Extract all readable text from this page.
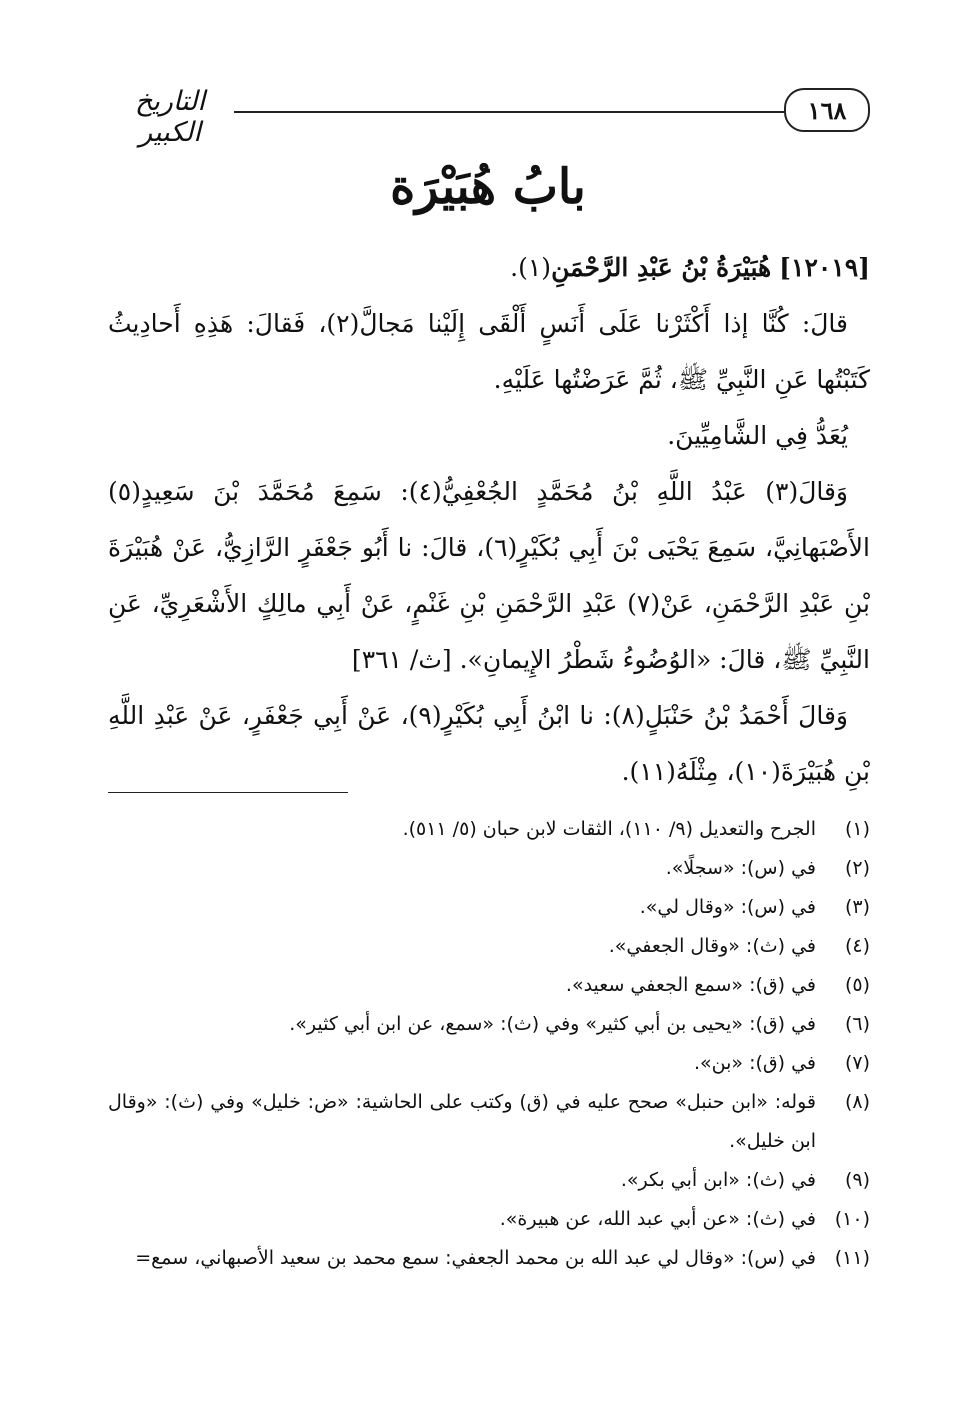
١٦٨
التاريخ الكبير
بابُ هُبَيْرَة

[١٢٠١٩] هُبَيْرَةُ بْنُ عَبْدِ الرَّحْمَنِ(١).

قالَ: كُنَّا إذا أَكْثَرْنا عَلَى أَنَسٍ أَلْقَى إِلَيْنا مَجالَّ(٢)، فَقالَ: هَذِهِ أَحادِيثُ كَتَبْتُها عَنِ النَّبِيِّ ﷺ، ثُمَّ عَرَضْتُها عَلَيْهِ.

يُعَدُّ فِي الشَّامِيِّينَ.

وَقالَ(٣) عَبْدُ اللَّهِ بْنُ مُحَمَّدٍ الجُعْفِيُّ(٤): سَمِعَ مُحَمَّدَ بْنَ سَعِيدٍ(٥) الأَصْبَهانِيَّ، سَمِعَ يَحْيَى بْنَ أَبِي بُكَيْرٍ(٦)، قالَ: نا أَبُو جَعْفَرٍ الرَّازِيُّ، عَنْ هُبَيْرَةَ بْنِ عَبْدِ الرَّحْمَنِ، عَنْ(٧) عَبْدِ الرَّحْمَنِ بْنِ غَنْمٍ، عَنْ أَبِي مالِكٍ الأَشْعَرِيِّ، عَنِ النَّبِيِّ ﷺ، قالَ: «الوُضُوءُ شَطْرُ الإِيمانِ». [ث/ ٣٦١]

وَقالَ أَحْمَدُ بْنُ حَنْبَلٍ(٨): نا ابْنُ أَبِي بُكَيْرٍ(٩)، عَنْ أَبِي جَعْفَرٍ، عَنْ عَبْدِ اللَّهِ بْنِ هُبَيْرَةَ(١٠)، مِثْلَهُ(١١).

(١)
الجرح والتعديل (٩/ ١١٠)، الثقات لابن حبان (٥/ ٥١١).
(٢)
في (س): «سجلًا».
(٣)
في (س): «وقال لي».
(٤)
في (ث): «وقال الجعفي».
(٥)
في (ق): «سمع الجعفي سعيد».
(٦)
في (ق): «يحيى بن أبي كثير» وفي (ث): «سمع، عن ابن أبي كثير».
(٧)
في (ق): «بن».
(٨)
قوله: «ابن حنبل» صحح عليه في (ق) وكتب على الحاشية: «ض: خليل» وفي (ث): «وقال ابن خليل».
(٩)
في (ث): «ابن أبي بكر».
(١٠)
في (ث): «عن أبي عبد الله، عن هبيرة».
(١١)
في (س): «وقال لي عبد الله بن محمد الجعفي: سمع محمد بن سعيد الأصبهاني، سمع=
